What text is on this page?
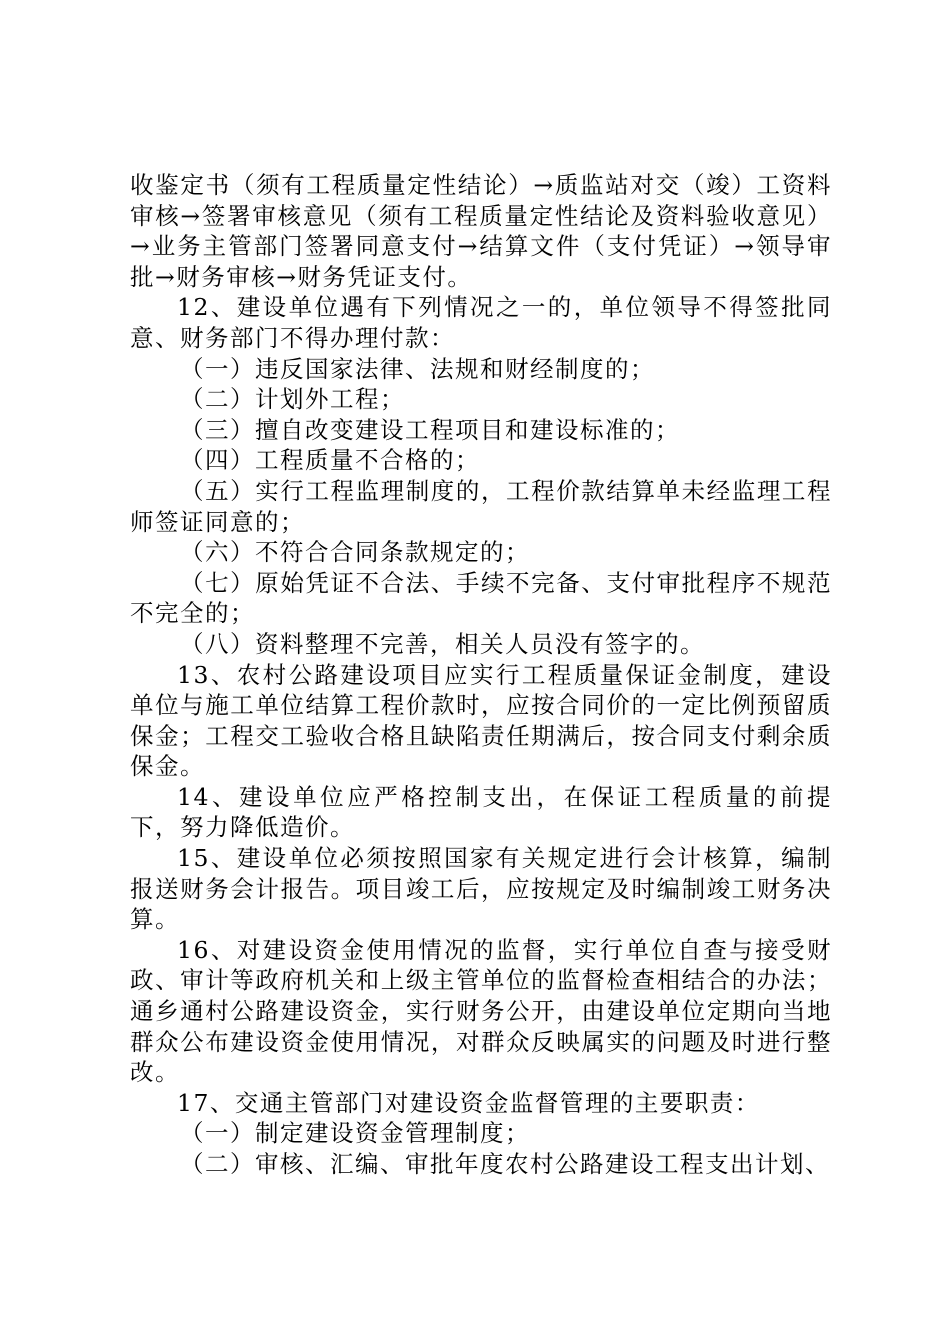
收鉴定书（须有工程质量定性结论）→质监站对交（竣）工资料审核→签署审核意见（须有工程质量定性结论及资料验收意见）→业务主管部门签署同意支付→结算文件（支付凭证）→领导审批→财务审核→财务凭证支付。

12、建设单位遇有下列情况之一的，单位领导不得签批同意、财务部门不得办理付款：

（一）违反国家法律、法规和财经制度的；

（二）计划外工程；

（三）擅自改变建设工程项目和建设标准的；

（四）工程质量不合格的；

（五）实行工程监理制度的，工程价款结算单未经监理工程师签证同意的；

（六）不符合合同条款规定的；

（七）原始凭证不合法、手续不完备、支付审批程序不规范不完全的；

（八）资料整理不完善，相关人员没有签字的。

13、农村公路建设项目应实行工程质量保证金制度，建设单位与施工单位结算工程价款时，应按合同价的一定比例预留质保金；工程交工验收合格且缺陷责任期满后，按合同支付剩余质保金。

14、建设单位应严格控制支出，在保证工程质量的前提下，努力降低造价。

15、建设单位必须按照国家有关规定进行会计核算，编制报送财务会计报告。项目竣工后，应按规定及时编制竣工财务决算。

16、对建设资金使用情况的监督，实行单位自查与接受财政、审计等政府机关和上级主管单位的监督检查相结合的办法；通乡通村公路建设资金，实行财务公开，由建设单位定期向当地群众公布建设资金使用情况，对群众反映属实的问题及时进行整改。

17、交通主管部门对建设资金监督管理的主要职责：

（一）制定建设资金管理制度；

（二）审核、汇编、审批年度农村公路建设工程支出计划、
